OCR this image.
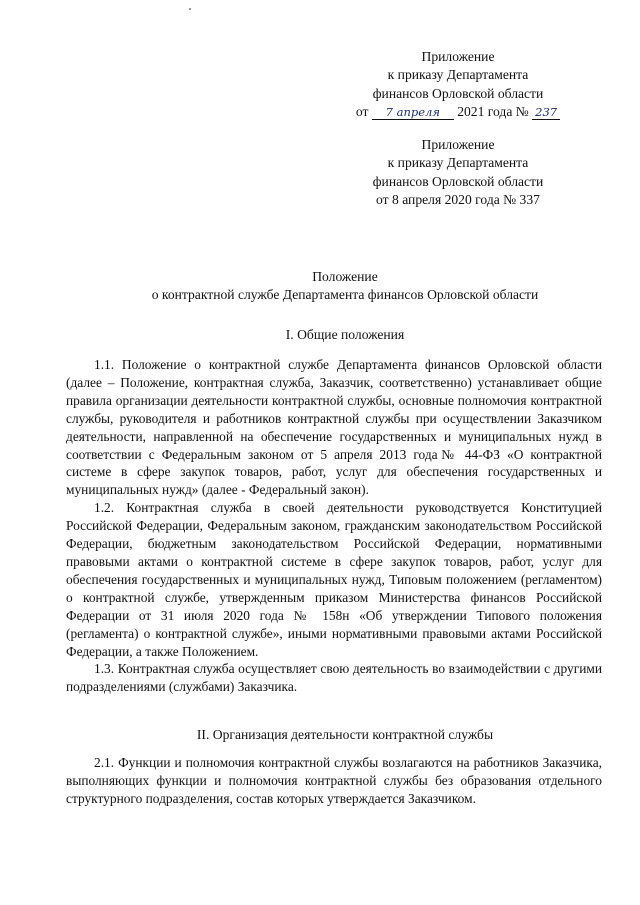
Приложение
к приказу Департамента
финансов Орловской области
от 7 апреля 2021 года № 237
Приложение
к приказу Департамента
финансов Орловской области
от 8 апреля 2020 года № 337
Положение
о контрактной службе Департамента финансов Орловской области
I. Общие положения

1.1. Положение о контрактной службе Департамента финансов Орловской области (далее – Положение, контрактная служба, Заказчик, соответственно) устанавливает общие правила организации деятельности контрактной службы, основные полномочия контрактной службы, руководителя и работников контрактной службы при осуществлении Заказчиком деятельности, направленной на обеспечение государственных и муниципальных нужд в соответствии с Федеральным законом от 5 апреля 2013 года№ 44-ФЗ «О контрактной системе в сфере закупок товаров, работ, услуг для обеспечения государственных и муниципальных нужд» (далее - Федеральный закон).

1.2. Контрактная служба в своей деятельности руководствуется Конституцией Российской Федерации, Федеральным законом, гражданским законодательством Российской Федерации, бюджетным законодательством Российской Федерации, нормативными правовыми актами о контрактной системе в сфере закупок товаров, работ, услуг для обеспечения государственных и муниципальных нужд, Типовым положением (регламентом) о контрактной службе, утвержденным приказом Министерства финансов Российской Федерации от 31 июля 2020 года № 158н «Об утверждении Типового положения (регламента) о контрактной службе», иными нормативными правовыми актами Российской Федерации, а также Положением.

1.3. Контрактная служба осуществляет свою деятельность во взаимодействии с другими подразделениями (службами) Заказчика.

II. Организация деятельности контрактной службы

2.1. Функции и полномочия контрактной службы возлагаются на работников Заказчика, выполняющих функции и полномочия контрактной службы без образования отдельного структурного подразделения, состав которых утверждается Заказчиком.
